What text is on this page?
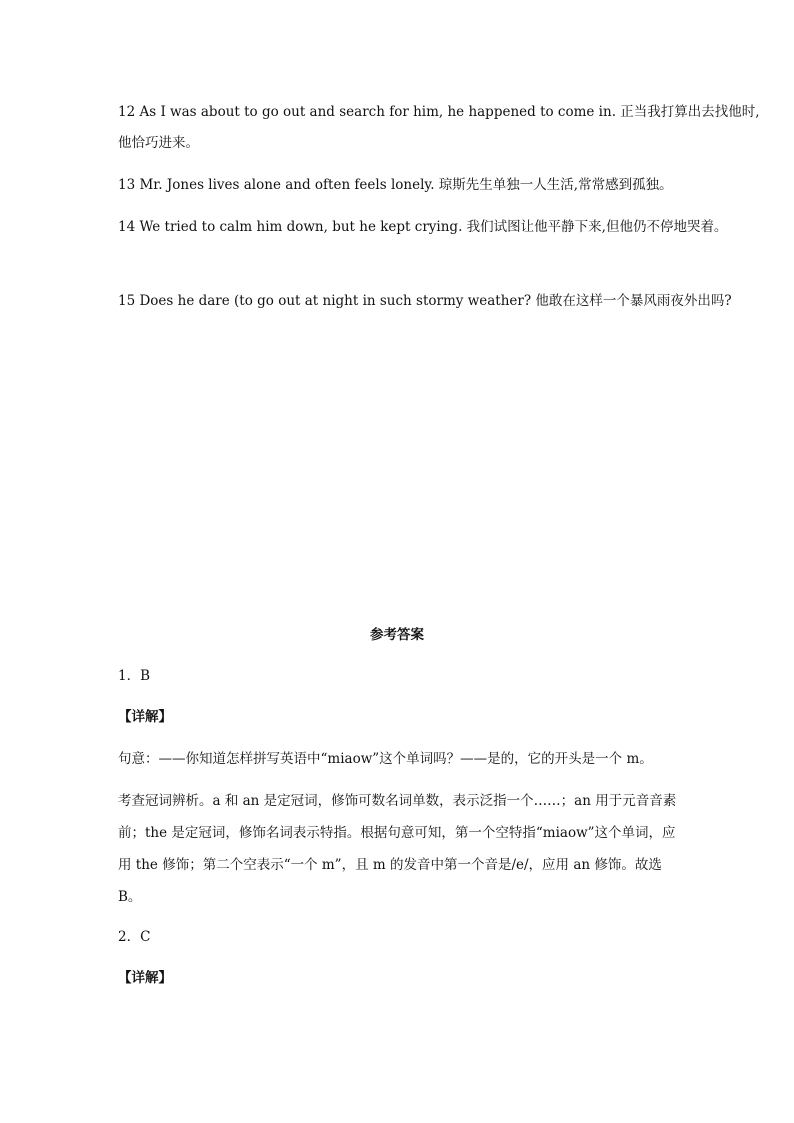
12 As I was about to go out and search for him, he happened to come in. 正当我打算出去找他时,
他恰巧进来。
13 Mr. Jones lives alone and often feels lonely. 琼斯先生单独一人生活,常常感到孤独。
14 We tried to calm him down, but he kept crying. 我们试图让他平静下来,但他仍不停地哭着。
15 Does he dare (to go out at night in such stormy weather? 他敢在这样一个暴风雨夜外出吗?
参考答案
1．B
【详解】
句意：——你知道怎样拼写英语中“miaow”这个单词吗？——是的，它的开头是一个 m。
考查冠词辨析。a 和 an 是定冠词，修饰可数名词单数，表示泛指一个……；an 用于元音音素前；the 是定冠词，修饰名词表示特指。根据句意可知，第一个空特指“miaow”这个单词，应用 the 修饰；第二个空表示“一个 m”，且 m 的发音中第一个音是/e/，应用 an 修饰。故选 B。
2．C
【详解】
